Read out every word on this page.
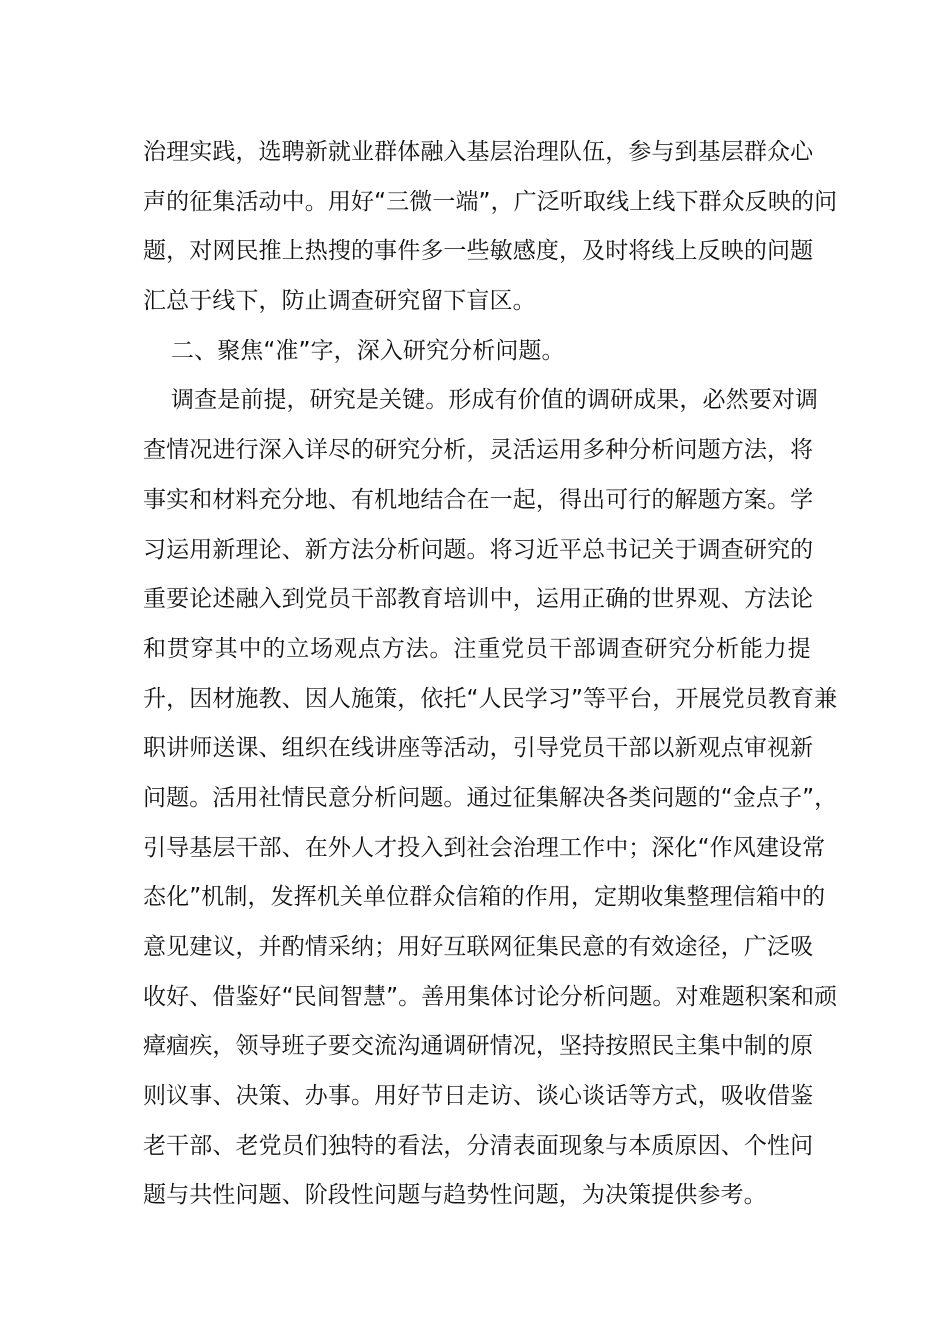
治 理 实 践 ， 选 聘 新 就 业 群 体 融 入 基 层 治 理 队 伍 ， 参 与 到 基 层 群 众 心
声 的 征 集 活 动 中 。 用 好 “ 三 微 一 端 ” ， 广 泛 听 取 线 上 线 下 群 众 反 映 的 问
题 ， 对 网 民 推 上 热 搜 的 事 件 多 一 些 敏 感 度 ， 及 时 将 线 上 反 映 的 问 题
汇总于线下，防止调查研究留下盲区。
二、聚焦“准”字，深入研究分析问题。
调 查 是 前 提 ， 研 究 是 关 键 。 形 成 有 价 值 的 调 研 成 果 ， 必 然 要 对 调
查 情 况 进 行 深 入 详 尽 的 研 究 分 析 ， 灵 活 运 用 多 种 分 析 问 题 方 法 ， 将
事 实 和 材 料 充 分 地 、 有 机 地 结 合 在 一 起 ， 得 出 可 行 的 解 题 方 案 。 学
习 运 用 新 理 论 、 新 方 法 分 析 问 题 。 将 习 近 平 总 书 记 关 于 调 查 研 究 的
重 要 论 述 融 入 到 党 员 干 部 教 育 培 训 中 ， 运 用 正 确 的 世 界 观 、 方 法 论
和 贯 穿 其 中 的 立 场 观 点 方 法 。 注 重 党 员 干 部 调 查 研 究 分 析 能 力 提
升 ， 因 材 施 教 、 因 人 施 策 ， 依 托 “ 人 民 学 习 ” 等 平 台 ， 开 展 党 员 教 育 兼
职 讲 师 送 课 、 组 织 在 线 讲 座 等 活 动 ， 引 导 党 员 干 部 以 新 观 点 审 视 新
问 题 。 活 用 社 情 民 意 分 析 问 题 。 通 过 征 集 解 决 各 类 问 题 的 “ 金 点 子 ” ，
引 导 基 层 干 部 、 在 外 人 才 投 入 到 社 会 治 理 工 作 中 ； 深 化 “ 作 风 建 设 常
态 化 ” 机 制 ， 发 挥 机 关 单 位 群 众 信 箱 的 作 用 ， 定 期 收 集 整 理 信 箱 中 的
意 见 建 议 ， 并 酌 情 采 纳 ； 用 好 互 联 网 征 集 民 意 的 有 效 途 径 ， 广 泛 吸
收 好 、 借 鉴 好 “ 民 间 智 慧 ” 。 善 用 集 体 讨 论 分 析 问 题 。 对 难 题 积 案 和 顽
瘴 痼 疾 ， 领 导 班 子 要 交 流 沟 通 调 研 情 况 ， 坚 持 按 照 民 主 集 中 制 的 原
则 议 事 、 决 策 、 办 事 。 用 好 节 日 走 访 、 谈 心 谈 话 等 方 式 ， 吸 收 借 鉴
老 干 部 、 老 党 员 们 独 特 的 看 法 ， 分 清 表 面 现 象 与 本 质 原 因 、 个 性 问
题与共性问题、阶段性问题与趋势性问题，为决策提供参考。
